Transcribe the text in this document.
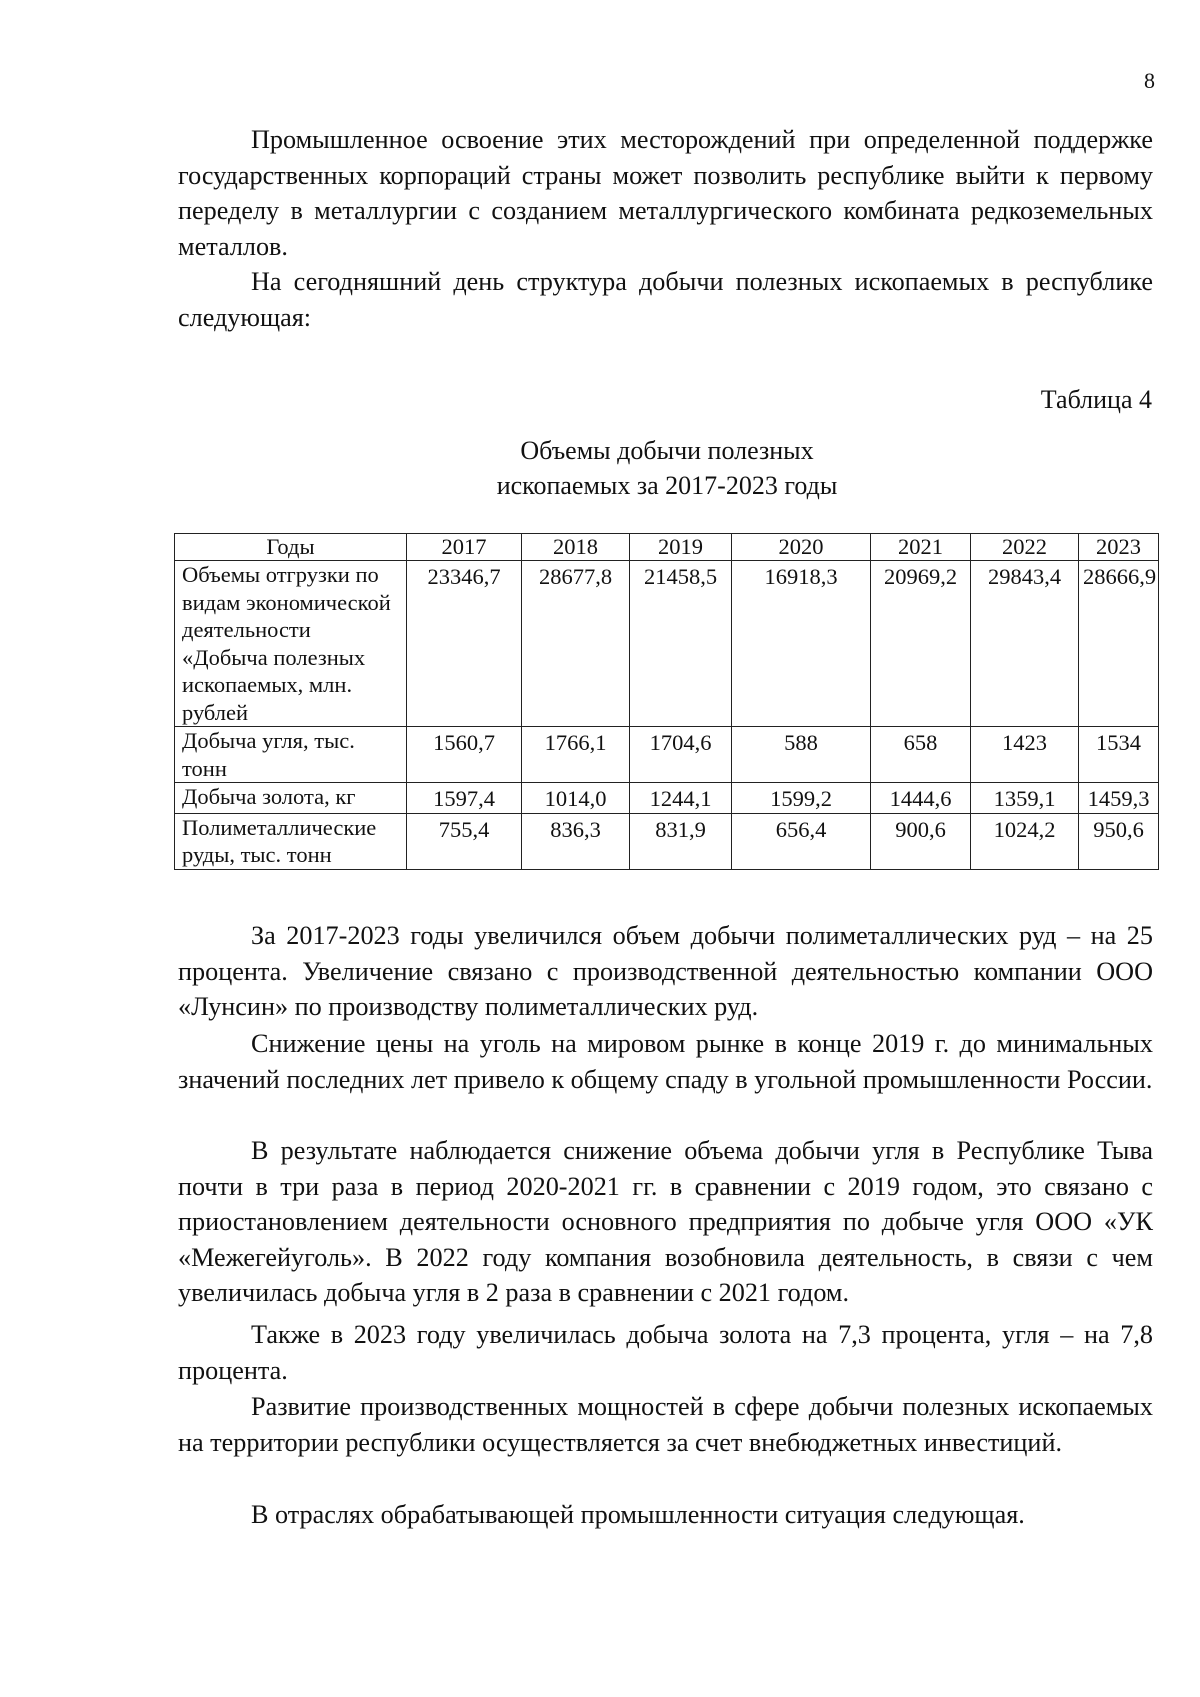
8

Промышленное освоение этих месторождений при определенной поддержке государственных корпораций страны может позволить республике выйти к первому переделу в металлургии с созданием металлургического комбината редкоземельных металлов.

На сегодняшний день структура добычи полезных ископаемых в республике следующая:

Таблица 4
Объемы добычи полезных
ископаемых за 2017-2023 годы
Годы	2017	2018	2019	2020	2021	2022	2023
Объемы отгрузки по видам экономической деятельности «Добыча полезных ископаемых, млн. рублей	23346,7	28677,8	21458,5	16918,3	20969,2	29843,4	28666,9
Добыча угля, тыс. тонн	1560,7	1766,1	1704,6	588	658	1423	1534
Добыча золота, кг	1597,4	1014,0	1244,1	1599,2	1444,6	1359,1	1459,3
Полиметаллические руды, тыс. тонн	755,4	836,3	831,9	656,4	900,6	1024,2	950,6

За 2017-2023 годы увеличился объем добычи полиметаллических руд – на 25 процента. Увеличение связано с производственной деятельностью компании ООО «Лунсин» по производству полиметаллических руд.

Снижение цены на уголь на мировом рынке в конце 2019 г. до минимальных значений последних лет привело к общему спаду в угольной промышленности России.

В результате наблюдается снижение объема добычи угля в Республике Тыва почти в три раза в период 2020-2021 гг. в сравнении с 2019 годом, это связано с приостановлением деятельности основного предприятия по добыче угля ООО «УК «Межегейуголь». В 2022 году компания возобновила деятельность, в связи с чем увеличилась добыча угля в 2 раза в сравнении с 2021 годом.

Также в 2023 году увеличилась добыча золота на 7,3 процента, угля – на 7,8 процента.

Развитие производственных мощностей в сфере добычи полезных ископаемых на территории республики осуществляется за счет внебюджетных инвестиций.

В отраслях обрабатывающей промышленности ситуация следующая.
